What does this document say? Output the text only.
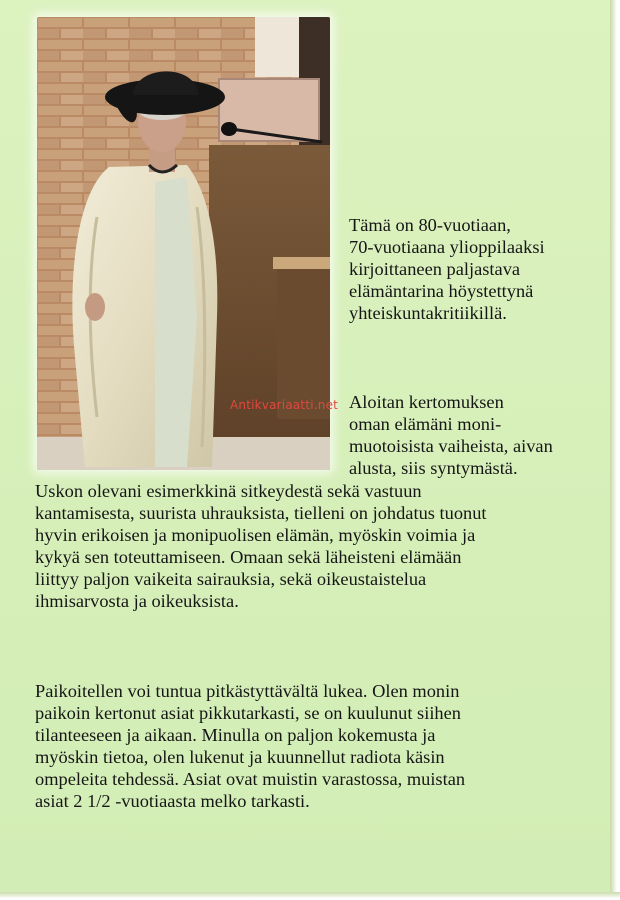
Tämä on 80-vuotiaan,
70-vuotiaana ylioppilaaksi
kirjoittaneen paljastava
elämäntarina höystettynä
yhteiskuntakritiikillä.
Aloitan kertomuksen
oman elämäni moni-
muotoisista vaiheista, aivan
alusta, siis syntymästä.
Uskon olevani esimerkkinä sitkeydestä sekä vastuun
kantamisesta, suurista uhrauksista, tielleni on johdatus tuonut
hyvin erikoisen ja monipuolisen elämän, myöskin voimia ja
kykyä sen toteuttamiseen. Omaan sekä läheisteni elämään
liittyy paljon vaikeita sairauksia, sekä oikeustaistelua
ihmisarvosta ja oikeuksista.
Paikoitellen voi tuntua pitkästyttävältä lukea. Olen monin
paikoin kertonut asiat pikkutarkasti, se on kuulunut siihen
tilanteeseen ja aikaan. Minulla on paljon kokemusta ja
myöskin tietoa, olen lukenut ja kuunnellut radiota käsin
ompeleita tehdessä. Asiat ovat muistin varastossa, muistan
asiat 2 1/2 -vuotiaasta melko tarkasti.
Antikvariaatti.net
